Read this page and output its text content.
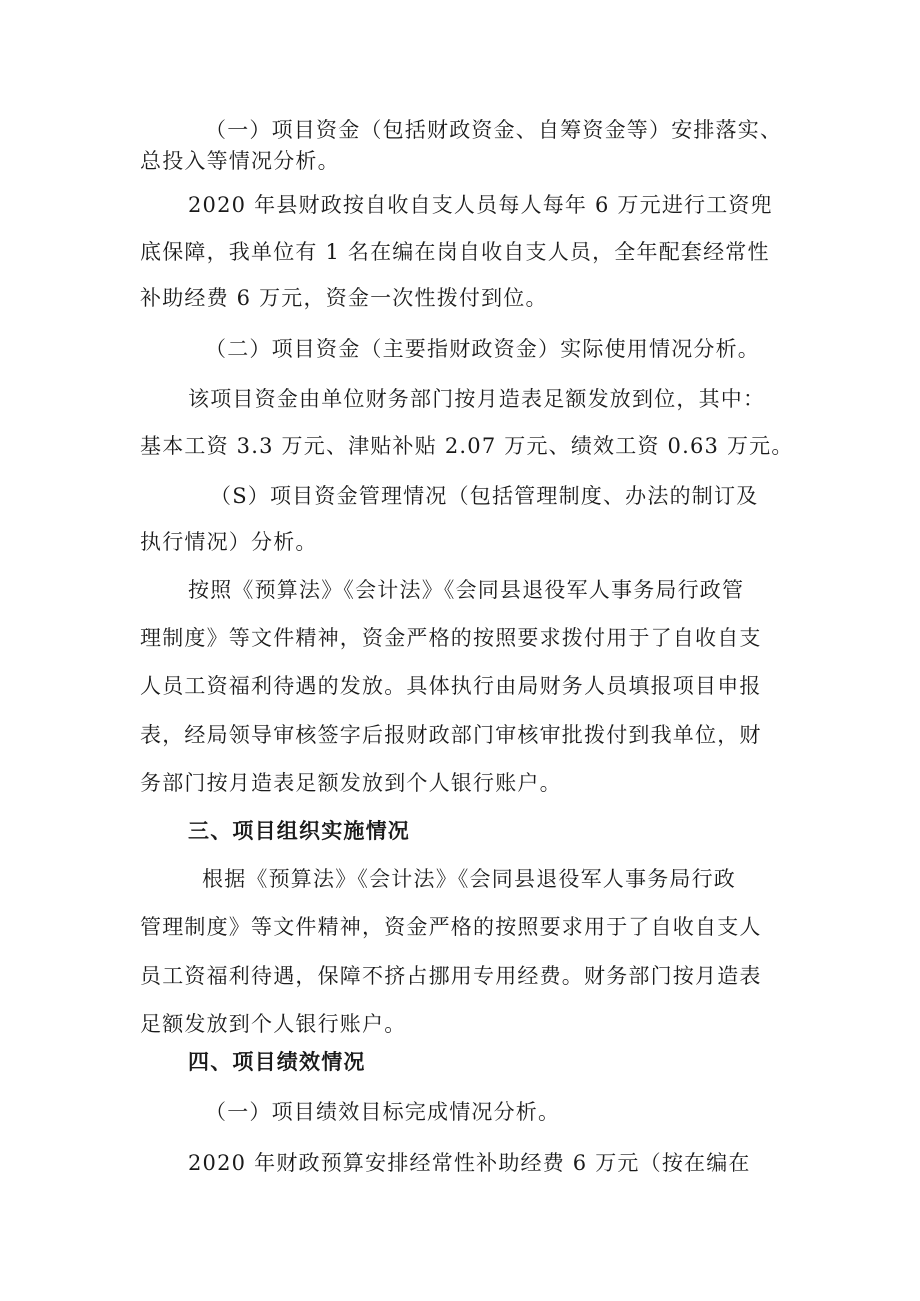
（一）项目资金（包括财政资金、自筹资金等）安排落实、
总投入等情况分析。
2020 年县财政按自收自支人员每人每年 6 万元进行工资兜
底保障，我单位有 1 名在编在岗自收自支人员，全年配套经常性
补助经费 6 万元，资金一次性拨付到位。
（二）项目资金（主要指财政资金）实际使用情况分析。
该项目资金由单位财务部门按月造表足额发放到位，其中：
基本工资 3.3 万元、津贴补贴 2.07 万元、绩效工资 0.63 万元。
（S）项目资金管理情况（包括管理制度、办法的制订及
执行情况）分析。
按照《预算法》《会计法》《会同县退役军人事务局行政管
理制度》等文件精神，资金严格的按照要求拨付用于了自收自支
人员工资福利待遇的发放。具体执行由局财务人员填报项目申报
表，经局领导审核签字后报财政部门审核审批拨付到我单位，财
务部门按月造表足额发放到个人银行账户。
三、项目组织实施情况
根据《预算法》《会计法》《会同县退役军人事务局行政
管理制度》等文件精神，资金严格的按照要求用于了自收自支人
员工资福利待遇，保障不挤占挪用专用经费。财务部门按月造表
足额发放到个人银行账户。
四、项目绩效情况
（一）项目绩效目标完成情况分析。
2020 年财政预算安排经常性补助经费 6 万元（按在编在
